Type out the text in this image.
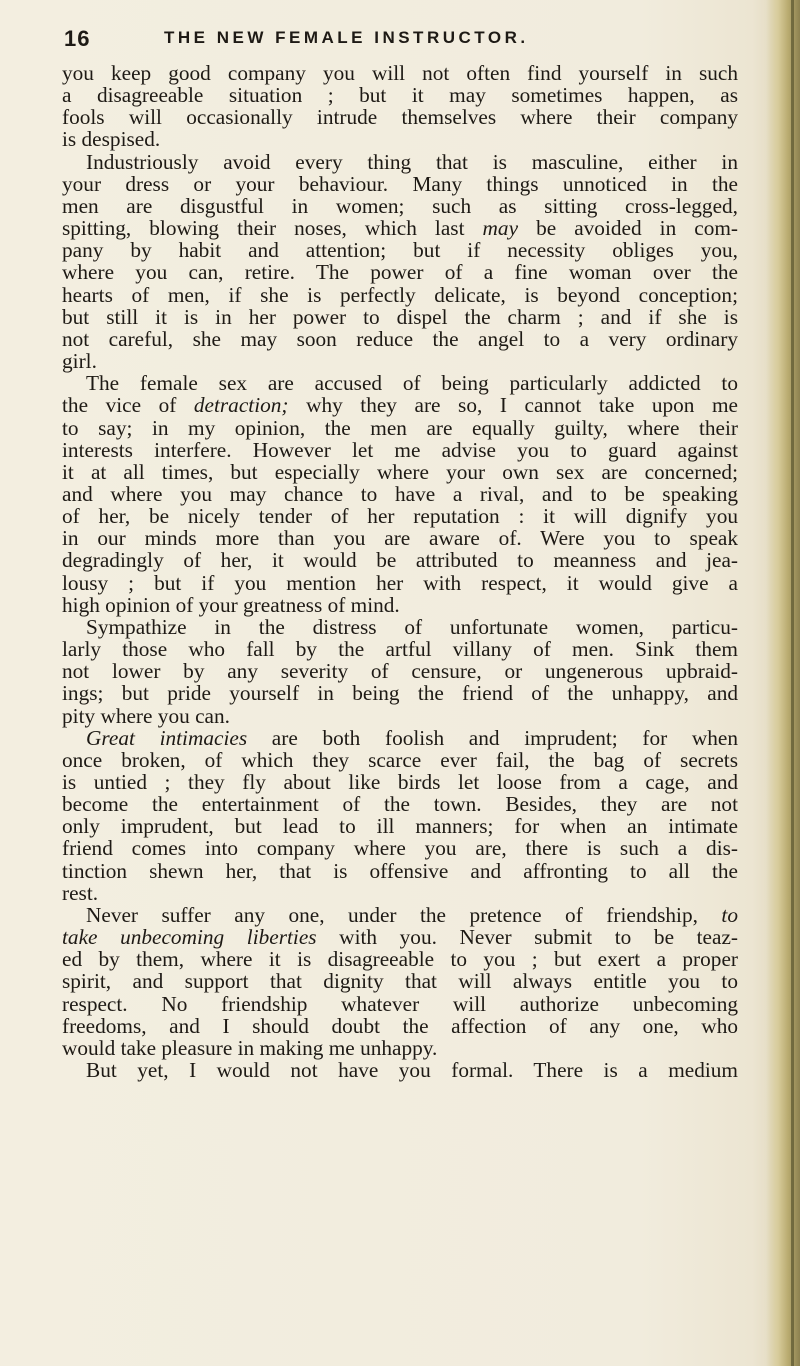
16	THE NEW FEMALE INSTRUCTOR.
you keep good company you will not often find yourself in such
a disagreeable situation ; but it may sometimes happen, as
fools will occasionally intrude themselves where their company
is despised.
Industriously avoid every thing that is masculine, either in
your dress or your behaviour. Many things unnoticed in the
men are disgustful in women; such as sitting cross-legged,
spitting, blowing their noses, which last may be avoided in com-
pany by habit and attention; but if necessity obliges you,
where you can, retire. The power of a fine woman over the
hearts of men, if she is perfectly delicate, is beyond conception;
but still it is in her power to dispel the charm ; and if she is
not careful, she may soon reduce the angel to a very ordinary
girl.
The female sex are accused of being particularly addicted to
the vice of detraction; why they are so, I cannot take upon me
to say; in my opinion, the men are equally guilty, where their
interests interfere. However let me advise you to guard against
it at all times, but especially where your own sex are concerned;
and where you may chance to have a rival, and to be speaking
of her, be nicely tender of her reputation : it will dignify you
in our minds more than you are aware of. Were you to speak
degradingly of her, it would be attributed to meanness and jea-
lousy ; but if you mention her with respect, it would give a
high opinion of your greatness of mind.
Sympathize in the distress of unfortunate women, particu-
larly those who fall by the artful villany of men. Sink them
not lower by any severity of censure, or ungenerous upbraid-
ings; but pride yourself in being the friend of the unhappy, and
pity where you can.
Great intimacies are both foolish and imprudent; for when
once broken, of which they scarce ever fail, the bag of secrets
is untied ; they fly about like birds let loose from a cage, and
become the entertainment of the town. Besides, they are not
only imprudent, but lead to ill manners; for when an intimate
friend comes into company where you are, there is such a dis-
tinction shewn her, that is offensive and affronting to all the
rest.
Never suffer any one, under the pretence of friendship, to
take unbecoming liberties with you. Never submit to be teaz-
ed by them, where it is disagreeable to you ; but exert a proper
spirit, and support that dignity that will always entitle you to
respect. No friendship whatever will authorize unbecoming
freedoms, and I should doubt the affection of any one, who
would take pleasure in making me unhappy.
But yet, I would not have you formal. There is a medium
